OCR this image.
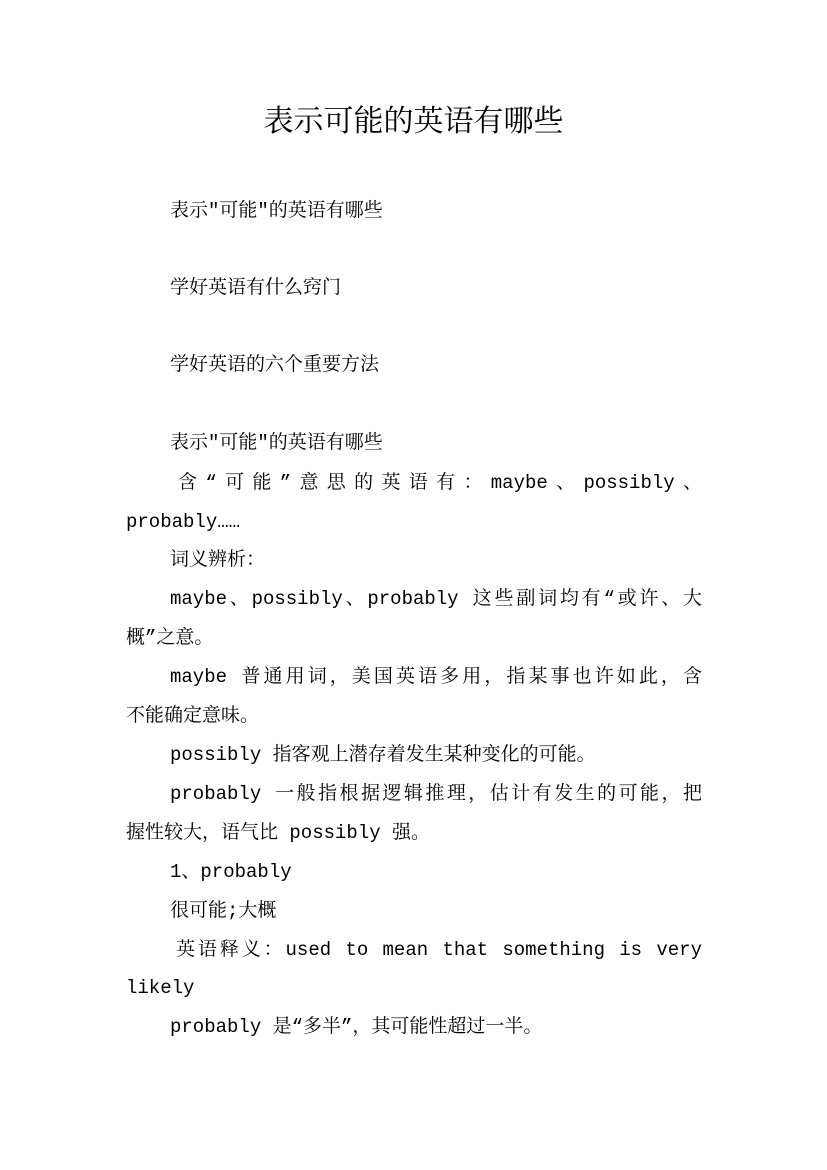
表示可能的英语有哪些

表示"可能"的英语有哪些

学好英语有什么窍门

学好英语的六个重要方法

表示"可能"的英语有哪些

含“可能”意思的英语有：maybe、possibly、

probably……

词义辨析：

maybe、possibly、probably 这些副词均有“或许、大

概”之意。

maybe 普通用词，美国英语多用，指某事也许如此，含

不能确定意味。

possibly 指客观上潜存着发生某种变化的可能。

probably 一般指根据逻辑推理，估计有发生的可能，把

握性较大，语气比 possibly 强。

1、probably

很可能;大概

英语释义：used to mean that something is very

likely

probably 是“多半”，其可能性超过一半。
